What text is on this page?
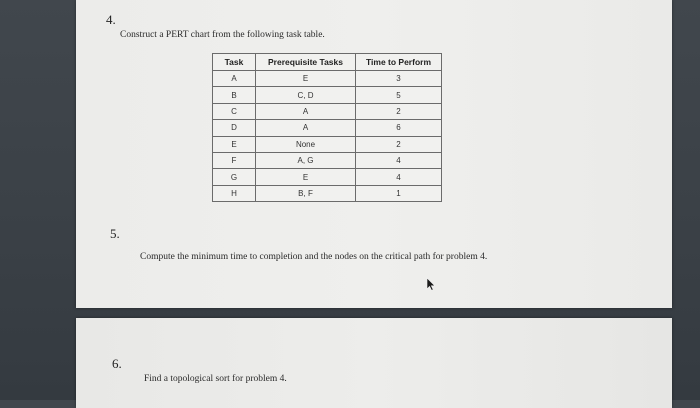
4.
Construct a PERT chart from the following task table.
Task	Prerequisite Tasks	Time to Perform
A	E	3
B	C, D	5
C	A	2
D	A	6
E	None	2
F	A, G	4
G	E	4
H	B, F	1
5.
Compute the minimum time to completion and the nodes on the critical path for problem 4.
6.
Find a topological sort for problem 4.
